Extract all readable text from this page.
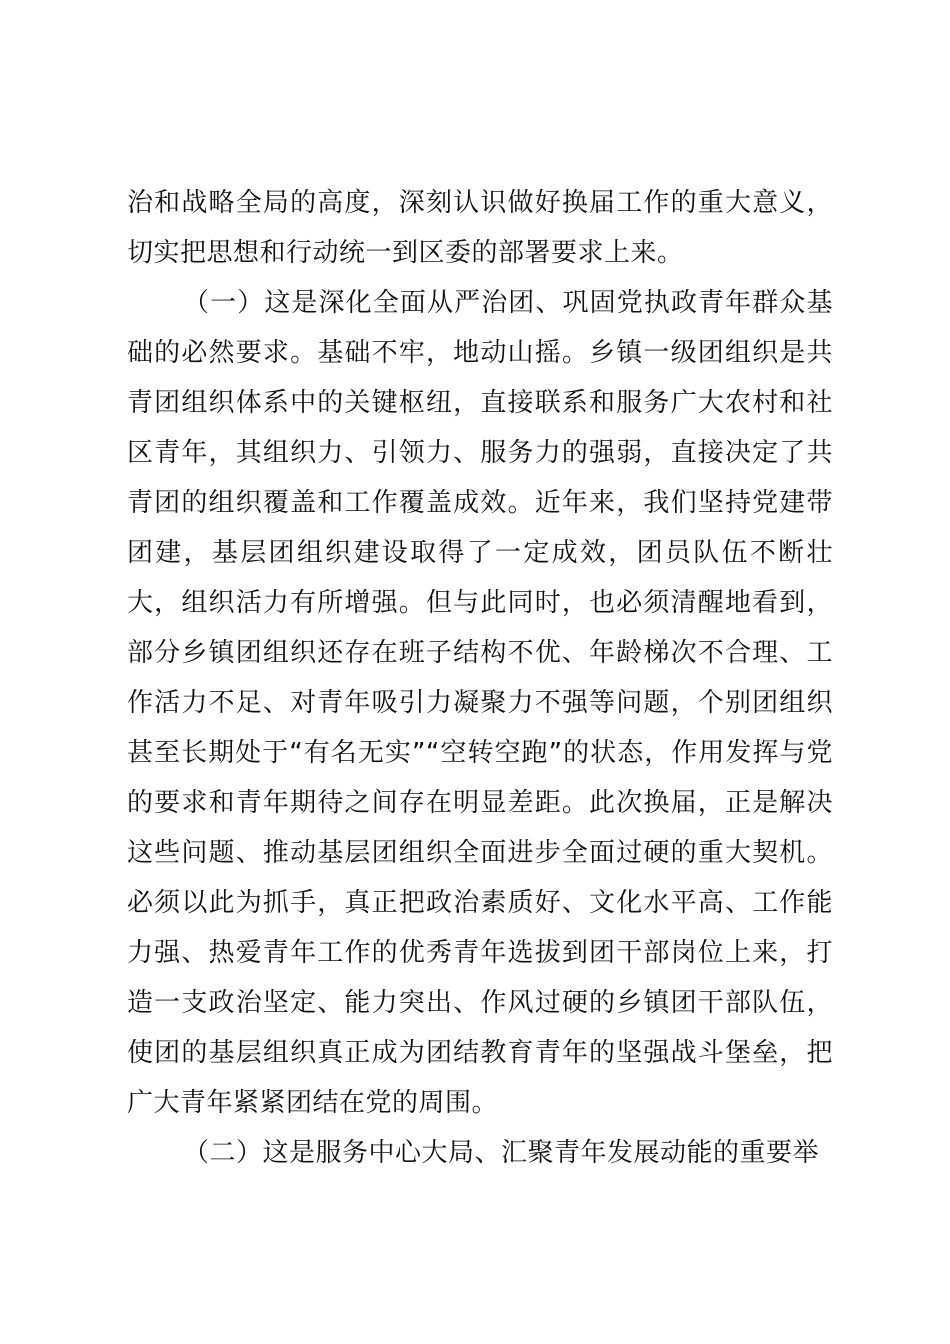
治和战略全局的高度，深刻认识做好换届工作的重大意义，切实把思想和行动统一到区委的部署要求上来。

（一）这是深化全面从严治团、巩固党执政青年群众基础的必然要求。基础不牢，地动山摇。乡镇一级团组织是共青团组织体系中的关键枢纽，直接联系和服务广大农村和社区青年，其组织力、引领力、服务力的强弱，直接决定了共青团的组织覆盖和工作覆盖成效。近年来，我们坚持党建带团建，基层团组织建设取得了一定成效，团员队伍不断壮大，组织活力有所增强。但与此同时，也必须清醒地看到，部分乡镇团组织还存在班子结构不优、年龄梯次不合理、工作活力不足、对青年吸引力凝聚力不强等问题，个别团组织甚至长期处于“有名无实”“空转空跑”的状态，作用发挥与党的要求和青年期待之间存在明显差距。此次换届，正是解决这些问题、推动基层团组织全面进步全面过硬的重大契机。必须以此为抓手，真正把政治素质好、文化水平高、工作能力强、热爱青年工作的优秀青年选拔到团干部岗位上来，打造一支政治坚定、能力突出、作风过硬的乡镇团干部队伍，使团的基层组织真正成为团结教育青年的坚强战斗堡垒，把广大青年紧紧团结在党的周围。

（二）这是服务中心大局、汇聚青年发展动能的重要举
